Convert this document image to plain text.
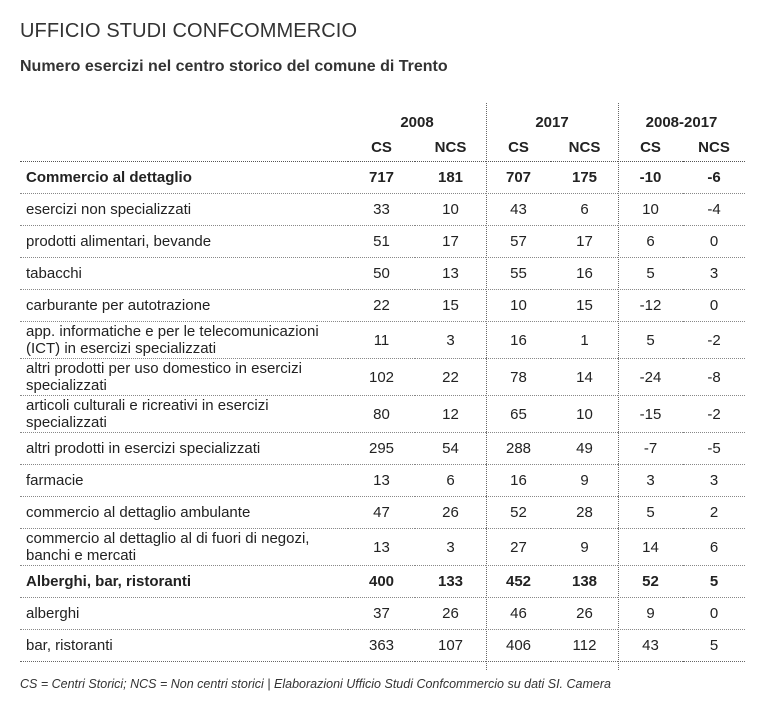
UFFICIO STUDI CONFCOMMERCIO
Numero esercizi nel centro storico del comune di Trento
	2008		2017		2008-2017	
	CS	NCS	CS	NCS	CS	NCS
Commercio al dettaglio	717	181	707	175	-10	-6
esercizi non specializzati	33	10	43	6	10	-4
prodotti alimentari, bevande	51	17	57	17	6	0
tabacchi	50	13	55	16	5	3
carburante per autotrazione	22	15	10	15	-12	0
app. informatiche e per le telecomunicazioni (ICT) in esercizi specializzati	11	3	16	1	5	-2
altri prodotti per uso domestico in esercizi specializzati	102	22	78	14	-24	-8
articoli culturali e ricreativi in esercizi specializzati	80	12	65	10	-15	-2
altri prodotti in esercizi specializzati	295	54	288	49	-7	-5
farmacie	13	6	16	9	3	3
commercio al dettaglio ambulante	47	26	52	28	5	2
commercio al dettaglio al di fuori di negozi, banchi e mercati	13	3	27	9	14	6
Alberghi, bar, ristoranti	400	133	452	138	52	5
alberghi	37	26	46	26	9	0
bar, ristoranti	363	107	406	112	43	5
CS = Centri Storici; NCS = Non centri storici | Elaborazioni Ufficio Studi Confcommercio su dati SI. Camera
